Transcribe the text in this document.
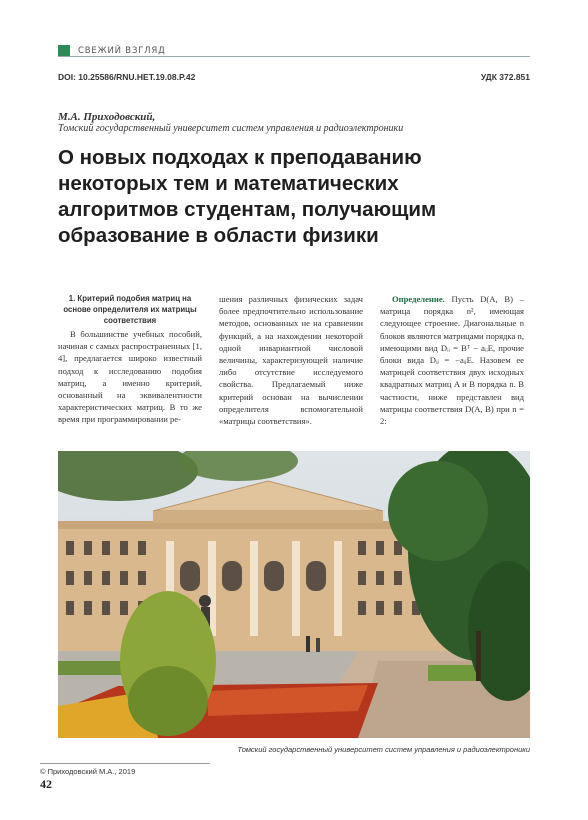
СВЕЖИЙ ВЗГЛЯД
DOI: 10.25586/RNU.HET.19.08.P.42	УДК 372.851
М.А. Приходовский,
Томский государственный университет систем управления и радиоэлектроники
О новых подходах к преподаванию некоторых тем и математических алгоритмов студентам, получающим образование в области физики
1. Критерий подобия матриц на основе определителя их матрицы соответствия

В большинстве учебных пособий, начиная с самых распространенных [1, 4], предлагается широко известный подход к исследованию подобия матриц, а именно критерий, основанный на эквивалентности характеристических матриц. В то же время при программировании ре-

шения различных физических задач более предпочтительно использование методов, основанных не на сравнении функций, а на нахождении некоторой одной инвариантной числовой величины, характеризующей наличие либо отсутствие исследуемого свойства. Предлагаемый ниже критерий основан на вычислении определителя вспомогательной «матрицы соответствия».

Определение. Пусть D(A, B) – матрица порядка n², имеющая следующее строение. Диагональные n блоков являются матрицами порядка n, имеющими вид Dᵢᵢ = Bᵀ − aᵢᵢE, прочие блоки вида Dᵢⱼ = −aᵢⱼE. Назовем ее матрицей соответствия двух исходных квадратных матриц A и B порядка n. В частности, ниже представлен вид матрицы соответствия D(A, B) при n = 2:

Томский государственный университет систем управления и радиоэлектроники
© Приходовский М.А., 2019
42
